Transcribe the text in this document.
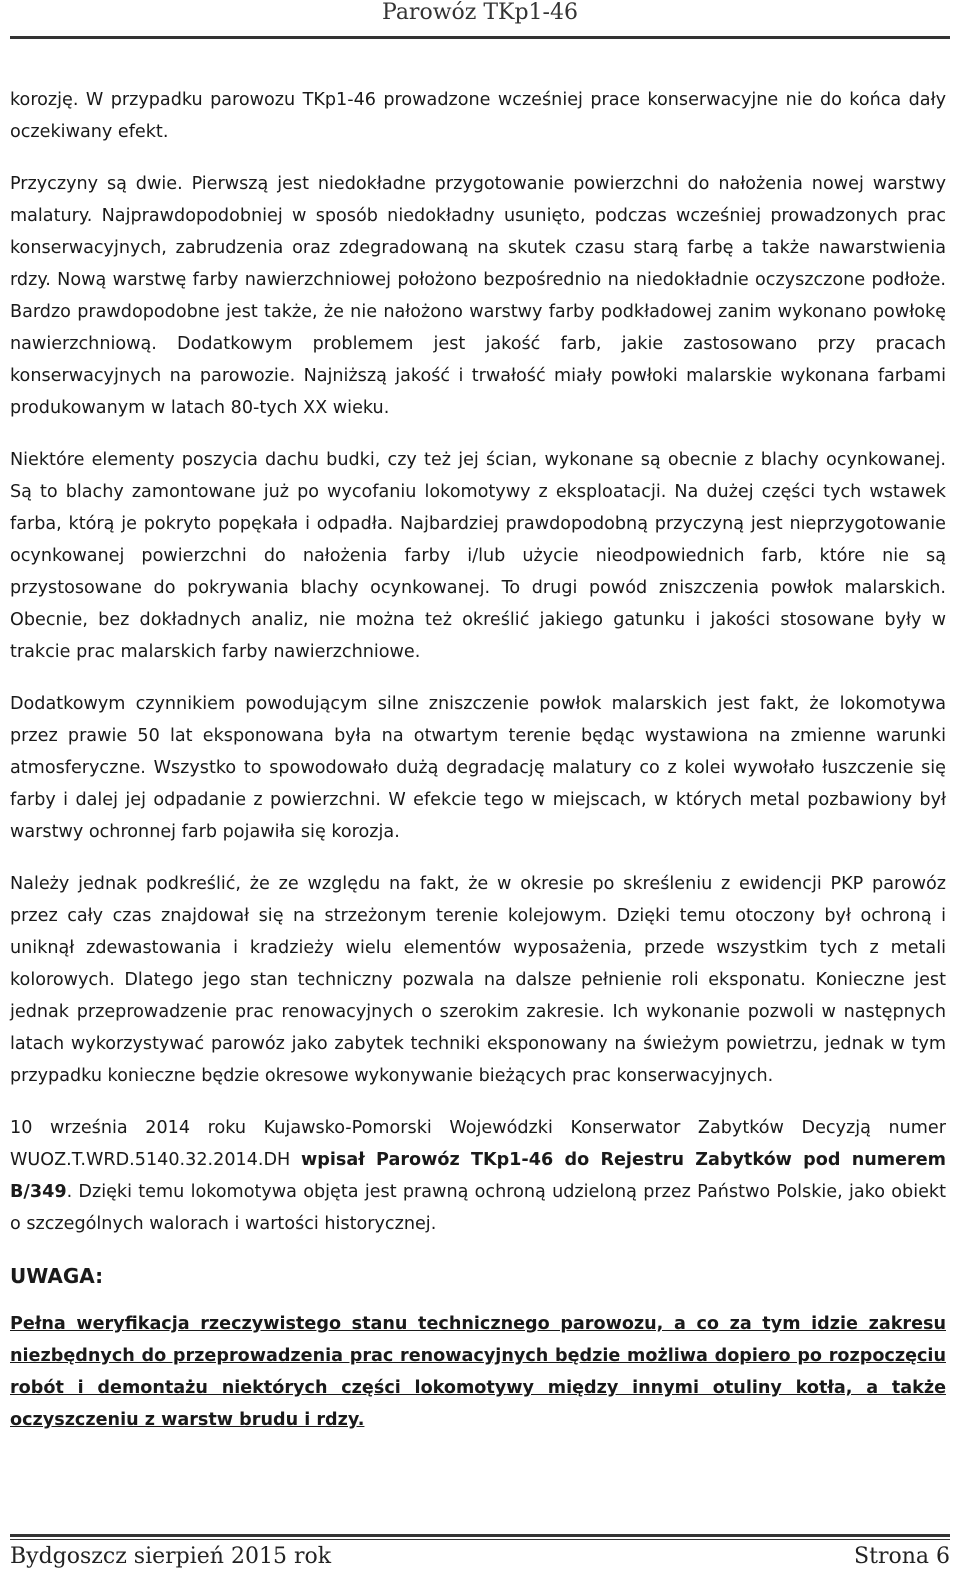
Parowóz TKp1-46

korozję. W przypadku parowozu TKp1-46 prowadzone wcześniej prace konserwacyjne nie do końca dały oczekiwany efekt.

Przyczyny są dwie. Pierwszą jest niedokładne przygotowanie powierzchni do nałożenia nowej warstwy malatury. Najprawdopodobniej w sposób niedokładny usunięto, podczas wcześniej prowadzonych prac konserwacyjnych, zabrudzenia oraz zdegradowaną na skutek czasu starą farbę a także nawarstwienia rdzy. Nową warstwę farby nawierzchniowej położono bezpośrednio na niedokładnie oczyszczone podłoże. Bardzo prawdopodobne jest także, że nie nałożono warstwy farby podkładowej zanim wykonano powłokę nawierzchniową. Dodatkowym problemem jest jakość farb, jakie zastosowano przy pracach konserwacyjnych na parowozie. Najniższą jakość i trwałość miały powłoki malarskie wykonana farbami produkowanym w latach 80-tych XX wieku.

Niektóre elementy poszycia dachu budki, czy też jej ścian, wykonane są obecnie z blachy ocynkowanej. Są to blachy zamontowane już po wycofaniu lokomotywy z eksploatacji. Na dużej części tych wstawek farba, którą je pokryto popękała i odpadła. Najbardziej prawdopodobną przyczyną jest nieprzygotowanie ocynkowanej powierzchni do nałożenia farby i/lub użycie nieodpowiednich farb, które nie są przystosowane do pokrywania blachy ocynkowanej. To drugi powód zniszczenia powłok malarskich. Obecnie, bez dokładnych analiz, nie można też określić jakiego gatunku i jakości stosowane były w trakcie prac malarskich farby nawierzchniowe.

Dodatkowym czynnikiem powodującym silne zniszczenie powłok malarskich jest fakt, że lokomotywa przez prawie 50 lat eksponowana była na otwartym terenie będąc wystawiona na zmienne warunki atmosferyczne. Wszystko to spowodowało dużą degradację malatury co z kolei wywołało łuszczenie się farby i dalej jej odpadanie z powierzchni. W efekcie tego w miejscach, w których metal pozbawiony był warstwy ochronnej farb pojawiła się korozja.

Należy jednak podkreślić, że ze względu na fakt, że w okresie po skreśleniu z ewidencji PKP parowóz przez cały czas znajdował się na strzeżonym terenie kolejowym. Dzięki temu otoczony był ochroną i uniknął zdewastowania i kradzieży wielu elementów wyposażenia, przede wszystkim tych z metali kolorowych. Dlatego jego stan techniczny pozwala na dalsze pełnienie roli eksponatu. Konieczne jest jednak przeprowadzenie prac renowacyjnych o szerokim zakresie. Ich wykonanie pozwoli w następnych latach wykorzystywać parowóz jako zabytek techniki eksponowany na świeżym powietrzu, jednak w tym przypadku konieczne będzie okresowe wykonywanie bieżących prac konserwacyjnych.

10 września 2014 roku Kujawsko-Pomorski Wojewódzki Konserwator Zabytków Decyzją numer WUOZ.T.WRD.5140.32.2014.DH wpisał Parowóz TKp1-46 do Rejestru Zabytków pod numerem B/349. Dzięki temu lokomotywa objęta jest prawną ochroną udzieloną przez Państwo Polskie, jako obiekt o szczególnych walorach i wartości historycznej.

UWAGA:

Pełna weryfikacja rzeczywistego stanu technicznego parowozu, a co za tym idzie zakresu niezbędnych do przeprowadzenia prac renowacyjnych będzie możliwa dopiero po rozpoczęciu robót i demontażu niektórych części lokomotywy między innymi otuliny kotła, a także oczyszczeniu z warstw brudu i rdzy.

Bydgoszcz sierpień 2015 rok	Strona 6
